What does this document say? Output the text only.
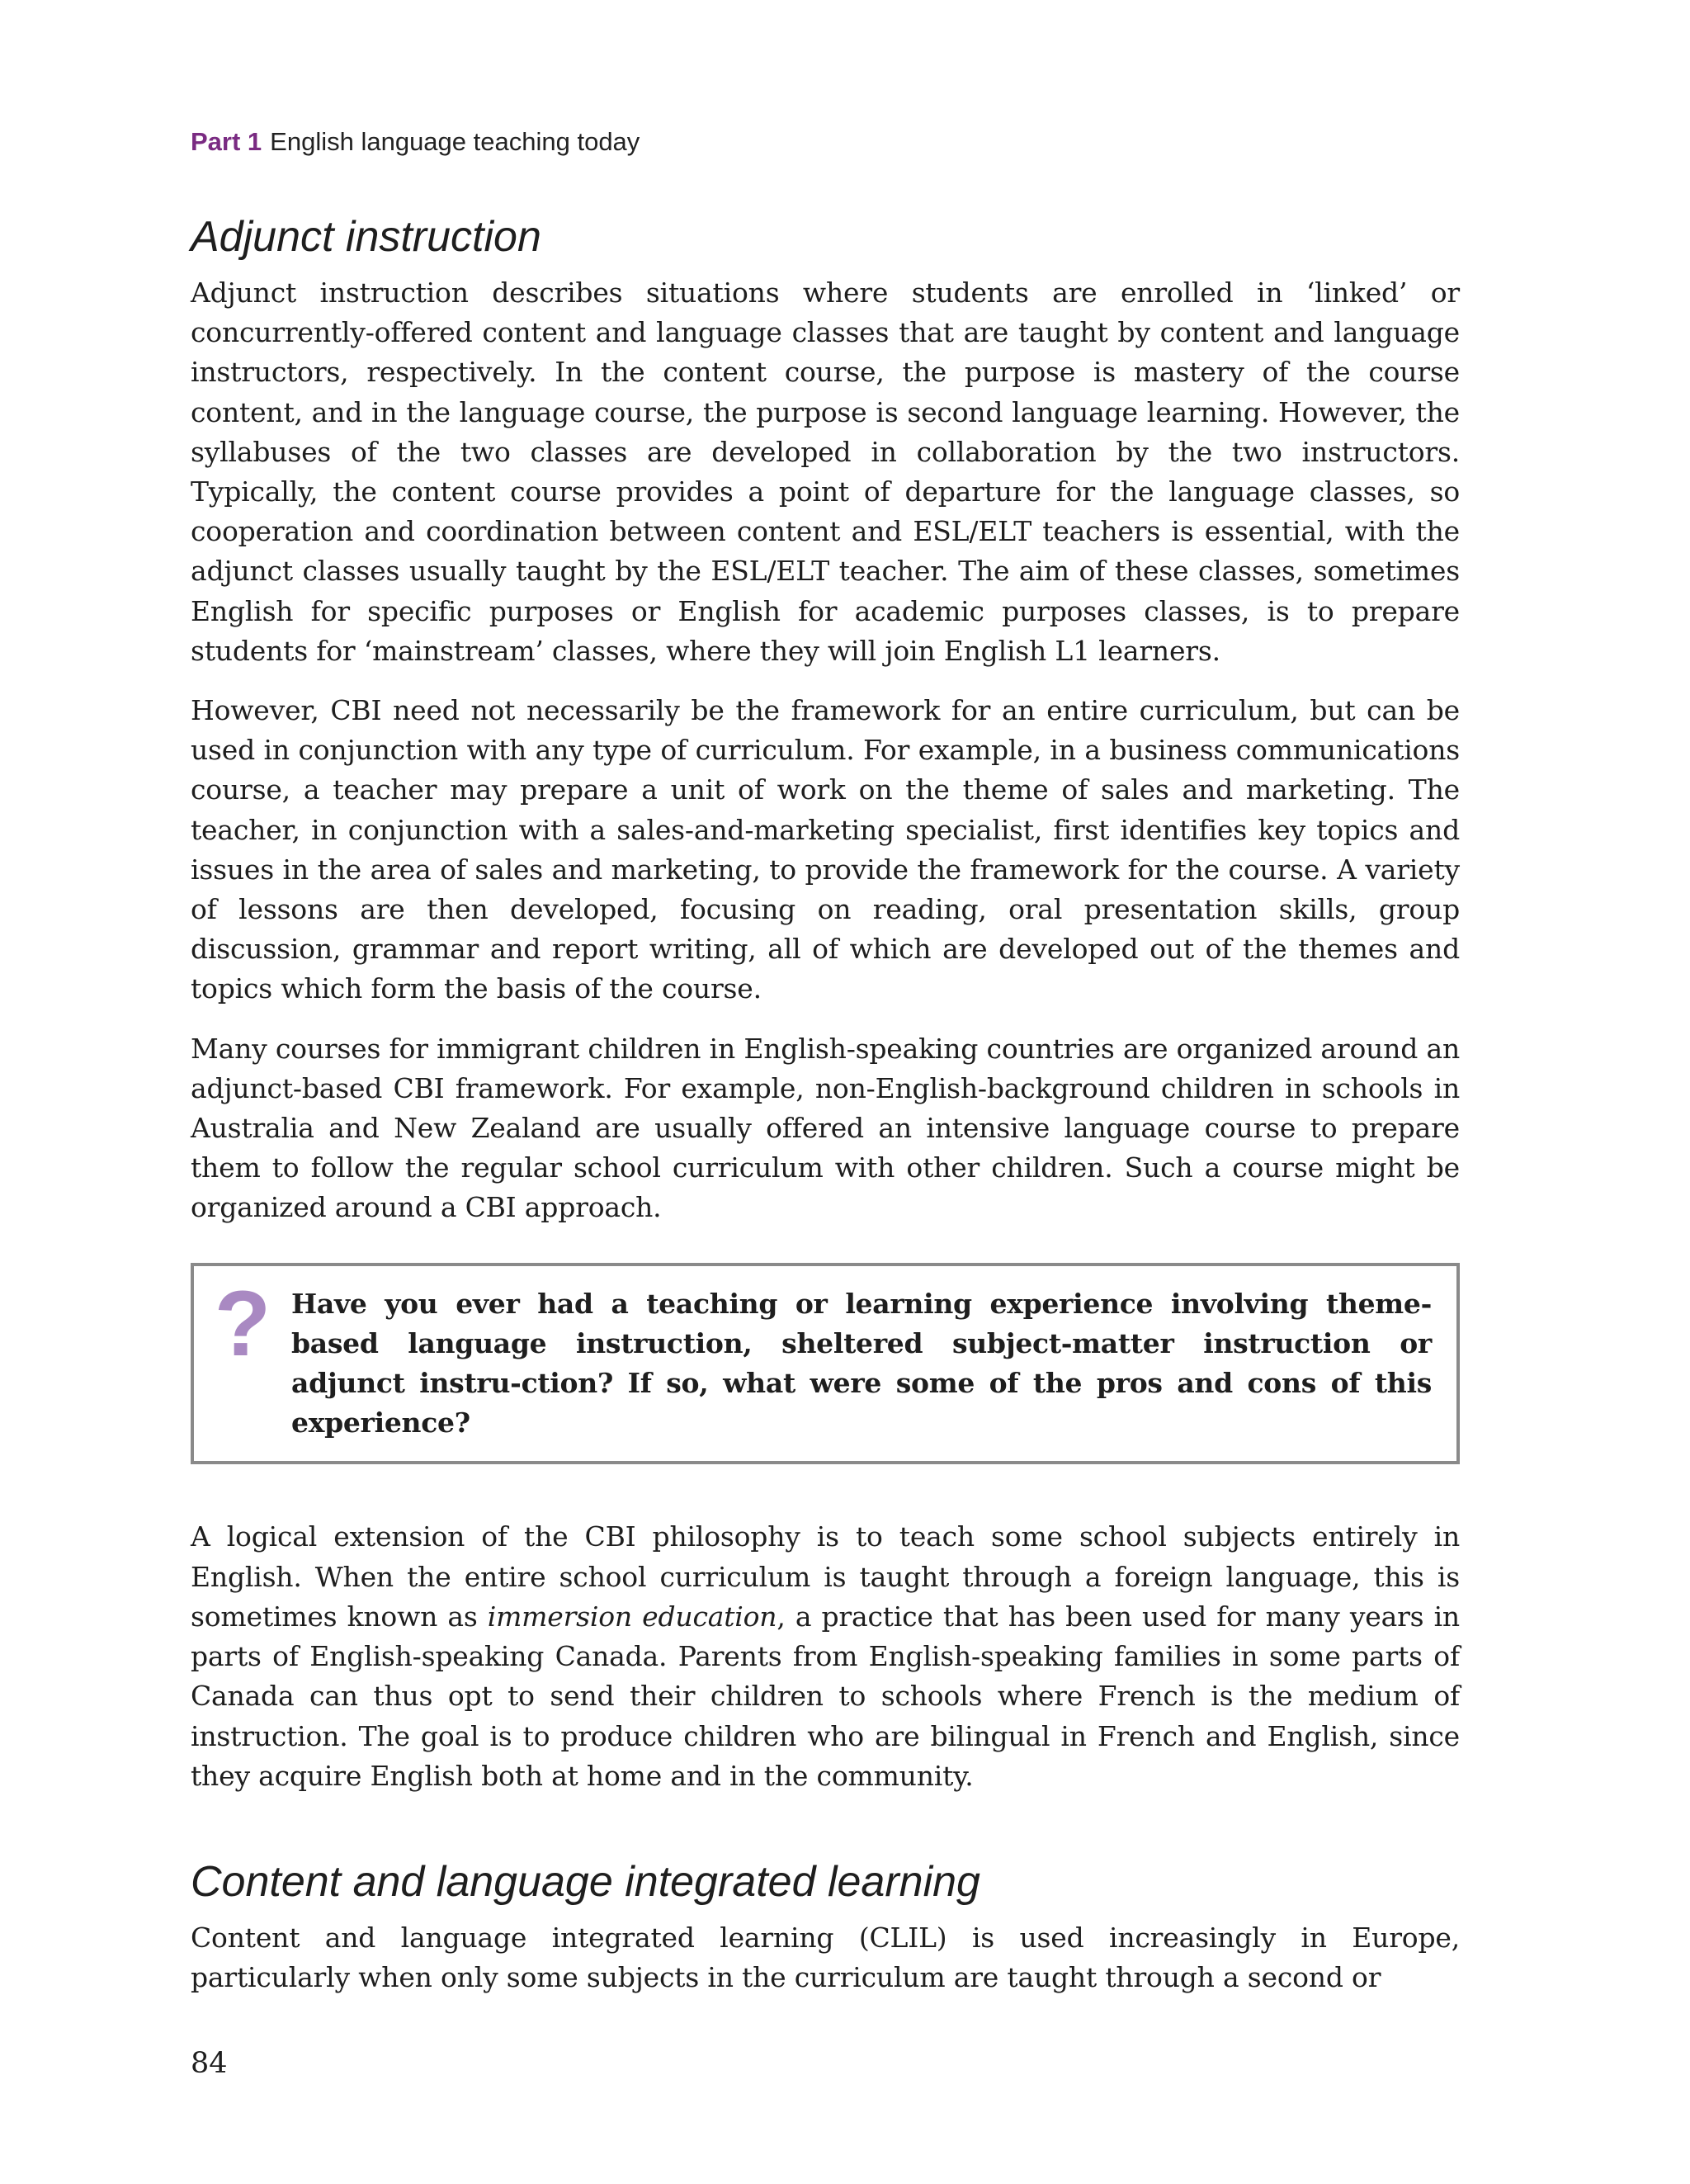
Part 1 English language teaching today
Adjunct instruction

Adjunct instruction describes situations where students are enrolled in ‘linked’ or concurrently-offered content and language classes that are taught by content and language instructors, respectively. In the content course, the purpose is mastery of the course content, and in the language course, the purpose is second language learning. However, the syllabuses of the two classes are developed in collaboration by the two instructors. Typically, the content course provides a point of departure for the language classes, so cooperation and coordination between content and ESL/ELT teachers is essential, with the adjunct classes usually taught by the ESL/ELT teacher. The aim of these classes, sometimes English for specific purposes or English for academic purposes classes, is to prepare students for ‘mainstream’ classes, where they will join English L1 learners.

However, CBI need not necessarily be the framework for an entire curriculum, but can be used in conjunction with any type of curriculum. For example, in a business communications course, a teacher may prepare a unit of work on the theme of sales and marketing. The teacher, in conjunction with a sales-and-marketing specialist, first identifies key topics and issues in the area of sales and marketing, to provide the framework for the course. A variety of lessons are then developed, focusing on reading, oral presentation skills, group discussion, grammar and report writing, all of which are developed out of the themes and topics which form the basis of the course.

Many courses for immigrant children in English-speaking countries are organized around an adjunct-based CBI framework. For example, non-English-background children in schools in Australia and New Zealand are usually offered an intensive language course to prepare them to follow the regular school curriculum with other children. Such a course might be organized around a CBI approach.

? Have you ever had a teaching or learning experience involving theme-based language instruction, sheltered subject-matter instruction or adjunct instru-ction? If so, what were some of the pros and cons of this experience?

A logical extension of the CBI philosophy is to teach some school subjects entirely in English. When the entire school curriculum is taught through a foreign language, this is sometimes known as immersion education, a practice that has been used for many years in parts of English-speaking Canada. Parents from English-speaking families in some parts of Canada can thus opt to send their children to schools where French is the medium of instruction. The goal is to produce children who are bilingual in French and English, since they acquire English both at home and in the community.

Content and language integrated learning

Content and language integrated learning (CLIL) is used increasingly in Europe, particularly when only some subjects in the curriculum are taught through a second or

84
